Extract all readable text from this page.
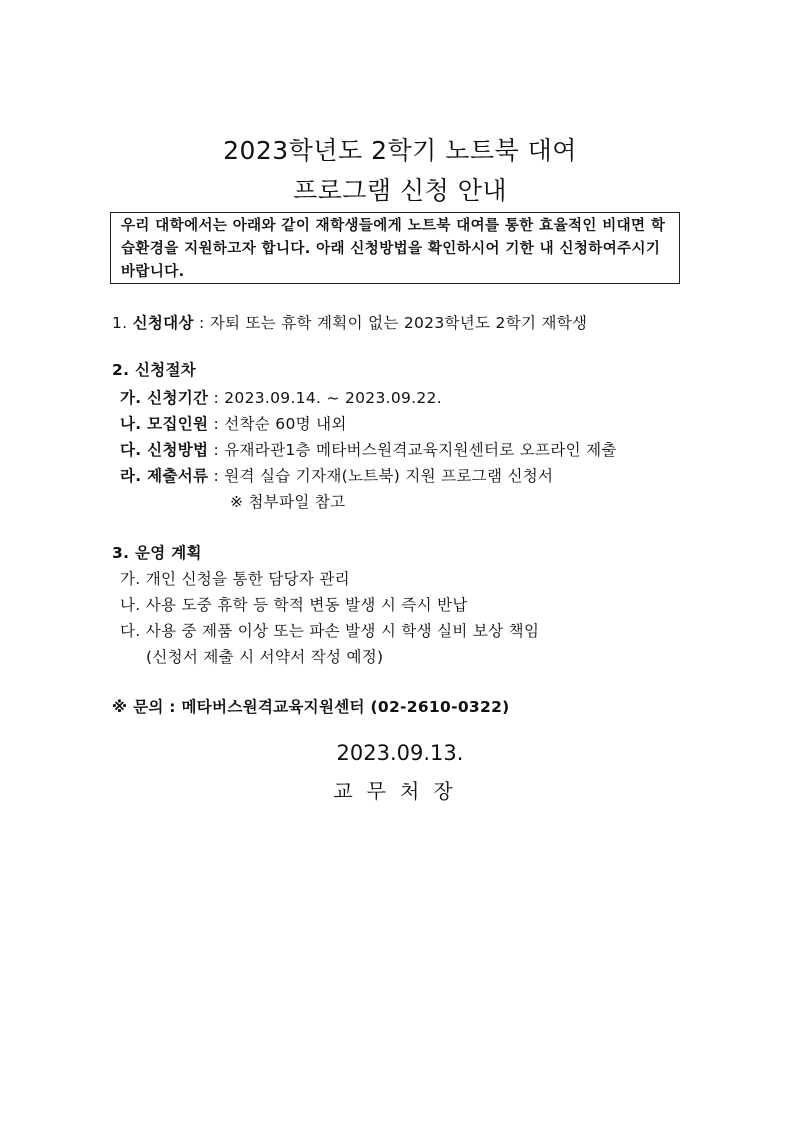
2023학년도 2학기 노트북 대여
프로그램 신청 안내
우리 대학에서는 아래와 같이 재학생들에게 노트북 대여를 통한 효율적인 비대면 학습환경을 지원하고자 합니다. 아래 신청방법을 확인하시어 기한 내 신청하여주시기 바랍니다.
1. 신청대상 : 자퇴 또는 휴학 계획이 없는 2023학년도 2학기 재학생
2. 신청절차
가. 신청기간 : 2023.09.14. ~ 2023.09.22.
나. 모집인원 : 선착순 60명 내외
다. 신청방법 : 유재라관1층 메타버스원격교육지원센터로 오프라인 제출
라. 제출서류 : 원격 실습 기자재(노트북) 지원 프로그램 신청서
※ 첨부파일 참고
3. 운영 계획
가. 개인 신청을 통한 담당자 관리
나. 사용 도중 휴학 등 학적 변동 발생 시 즉시 반납
다. 사용 중 제품 이상 또는 파손 발생 시 학생 실비 보상 책임
(신청서 제출 시 서약서 작성 예정)
※ 문의 : 메타버스원격교육지원센터 (02-2610-0322)
2023.09.13.
교무처장
